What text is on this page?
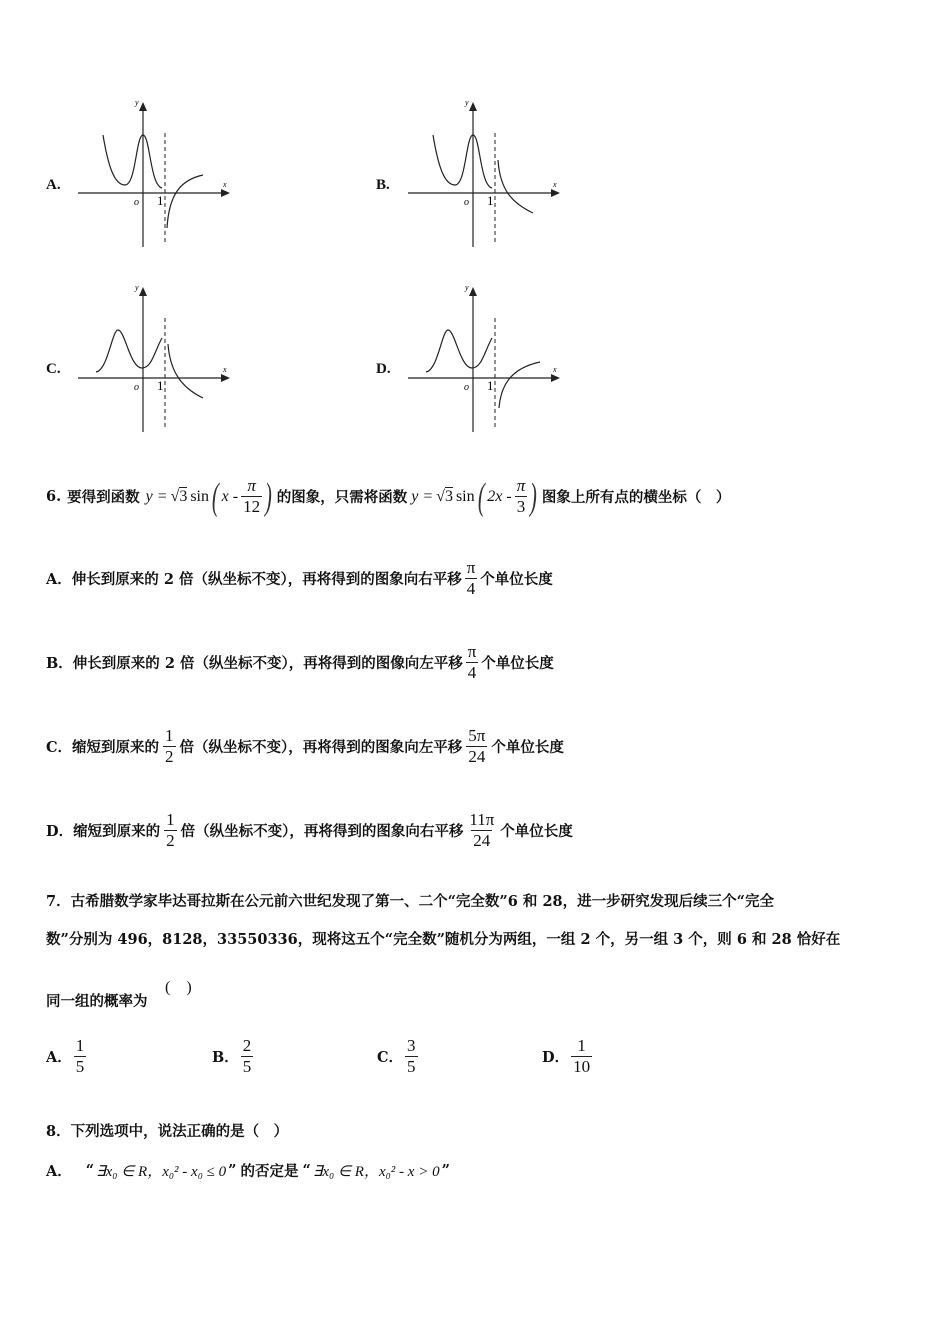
A.	B.
C.	D.
o 1
x
y
o 1
x
y
o 1
x
y
o 1
x
y
6. 要得到函数 y = √ 3 sin ( x - $\frac{\pi}{12}$ ) 的图象，只需将函数 y = √ 3 sin ( $2x - \frac{\pi}{3}$ ) 图象上所有点的横坐标（　）
A． 伸长到原来的 2 倍（纵坐标不变），再将得到的图象向右平移 $\frac{\pi}{4}$ 个单位长度
B． 伸长到原来的 2 倍（纵坐标不变），再将得到的图像向左平移 $\frac{\pi}{4}$ 个单位长度
C． 缩短到原来的 $\frac{1}{2}$ 倍（纵坐标不变），再将得到的图象向左平移 $\frac{5\pi}{24}$ 个单位长度
D． 缩短到原来的 $\frac{1}{2}$ 倍（纵坐标不变），再将得到的图象向右平移 $\frac{11\pi}{24}$ 个单位长度
7．古希腊数学家毕达哥拉斯在公元前六世纪发现了第一、二个“完全数”6 和 28，进一步研究发现后续三个“完全
数”分别为 496，8128，33550336，现将这五个“完全数”随机分为两组，一组 2 个，另一组 3 个，则 6 和 28 恰好在
同一组的概率为
(　)
A． $\frac{1}{5}$	B． $\frac{2}{5}$	C． $\frac{3}{5}$	D． $\frac{1}{10}$
8．下列选项中，说法正确的是（　）
A． “ ∃x₀ ∈ R，x₀² - x₀ ≤ 0 ” 的否定是 “ ∃x₀ ∈ R，x₀² - x > 0 ”
